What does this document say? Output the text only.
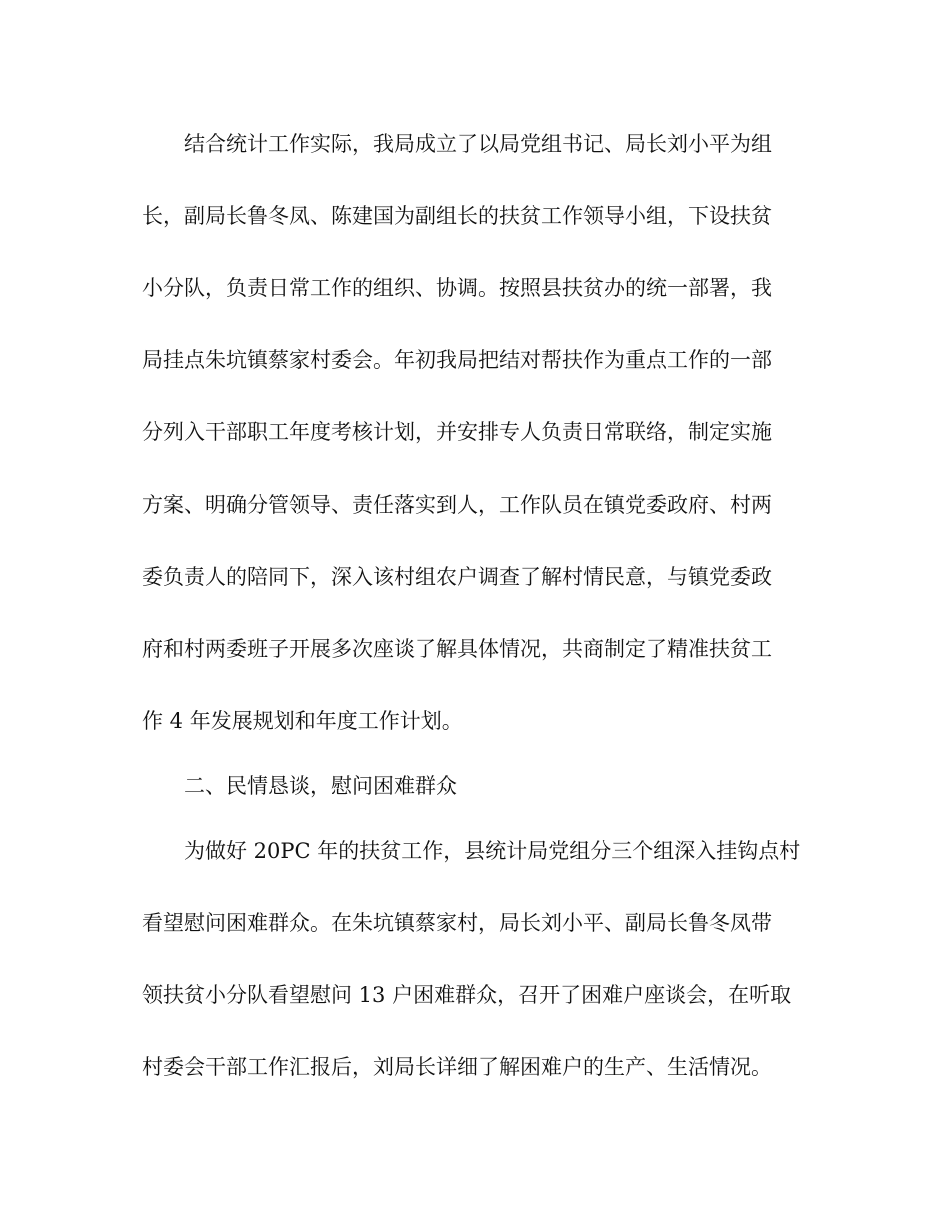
结合统计工作实际，我局成立了以局党组书记、局长刘小平为组
长，副局长鲁冬凤、陈建国为副组长的扶贫工作领导小组，下设扶贫
小分队，负责日常工作的组织、协调。按照县扶贫办的统一部署，我
局挂点朱坑镇蔡家村委会。年初我局把结对帮扶作为重点工作的一部
分列入干部职工年度考核计划，并安排专人负责日常联络，制定实施
方案、明确分管领导、责任落实到人，工作队员在镇党委政府、村两
委负责人的陪同下，深入该村组农户调查了解村情民意，与镇党委政
府和村两委班子开展多次座谈了解具体情况，共商制定了精准扶贫工
作 4 年发展规划和年度工作计划。
二、民情恳谈，慰问困难群众
为做好 20PC 年的扶贫工作，县统计局党组分三个组深入挂钩点村
看望慰问困难群众。在朱坑镇蔡家村，局长刘小平、副局长鲁冬凤带
领扶贫小分队看望慰问 13 户困难群众，召开了困难户座谈会，在听取
村委会干部工作汇报后，刘局长详细了解困难户的生产、生活情况。
